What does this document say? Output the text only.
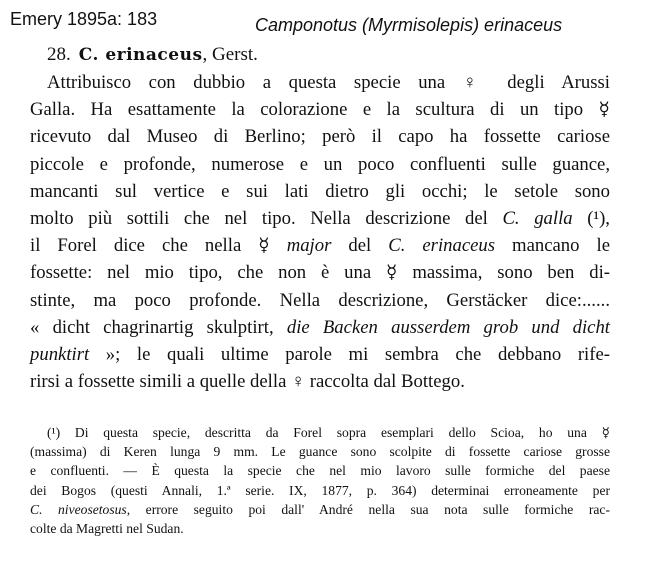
Emery 1895a: 183	Camponotus (Myrmisolepis) erinaceus
28. C. erinaceus, Gerst.
Attribuisco con dubbio a questa specie una ♀ degli Arussi
Galla. Ha esattamente la colorazione e la scultura di un tipo ☿
ricevuto dal Museo di Berlino; però il capo ha fossette cariose
piccole e profonde, numerose e un poco confluenti sulle guance,
mancanti sul vertice e sui lati dietro gli occhi; le setole sono
molto più sottili che nel tipo. Nella descrizione del C. galla (¹),
il Forel dice che nella ☿ major del C. erinaceus mancano le
fossette: nel mio tipo, che non è una ☿ massima, sono ben di-
stinte, ma poco profonde. Nella descrizione, Gerstäcker dice:......
« dicht chagrinartig skulptirt, die Backen ausserdem grob und dicht
punktirt »; le quali ultime parole mi sembra che debbano rife-
rirsi a fossette simili a quelle della ♀ raccolta dal Bottego.
(¹) Di questa specie, descritta da Forel sopra esemplari dello Scioa, ho una ☿
(massima) di Keren lunga 9 mm. Le guance sono scolpite di fossette cariose grosse
e confluenti. — È questa la specie che nel mio lavoro sulle formiche del paese
dei Bogos (questi Annali, 1.ª serie. IX, 1877, p. 364) determinai erroneamente per
C. niveosetosus, errore seguito poi dall' André nella sua nota sulle formiche rac-
colte da Magretti nel Sudan.
